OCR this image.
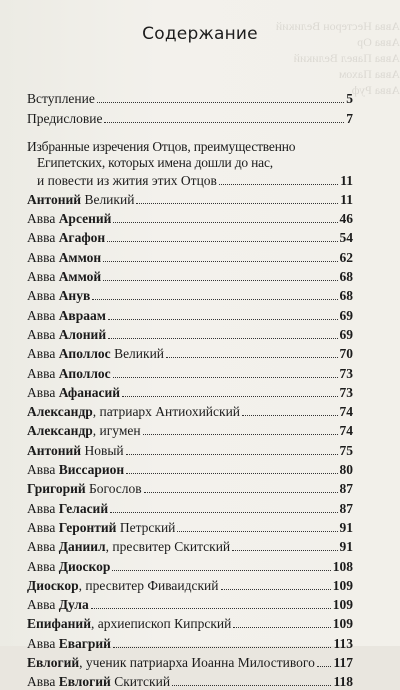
Авва Нестерон Великий
Авва Ор
Авва Павел Великий
Авва Пахом
Авва Руф
Содержание
Вступление	5
Предисловие	7
Избранные изречения Отцов, преимущественно
Египетских, которых имена дошли до нас,
и повести из жития этих Отцов	11
Антоний Великий	11
Авва Арсений	46
Авва Агафон	54
Авва Аммон	62
Авва Аммой	68
Авва Анув	68
Авва Авраам	69
Авва Алоний	69
Авва Аполлос Великий	70
Авва Аполлос	73
Авва Афанасий	73
Александр, патриарх Антиохийский	74
Александр, игумен	74
Антоний Новый	75
Авва Виссарион	80
Григорий Богослов	87
Авва Геласий	87
Авва Геронтий Петрский	91
Авва Даниил, пресвитер Скитский	91
Авва Диоскор	108
Диоскор, пресвитер Фиваидский	109
Авва Дула	109
Епифаний, архиепископ Кипрский	109
Авва Евагрий	113
Евлогий, ученик патриарха Иоанна Милостивого 117
Авва Евлогий Скитский	118
